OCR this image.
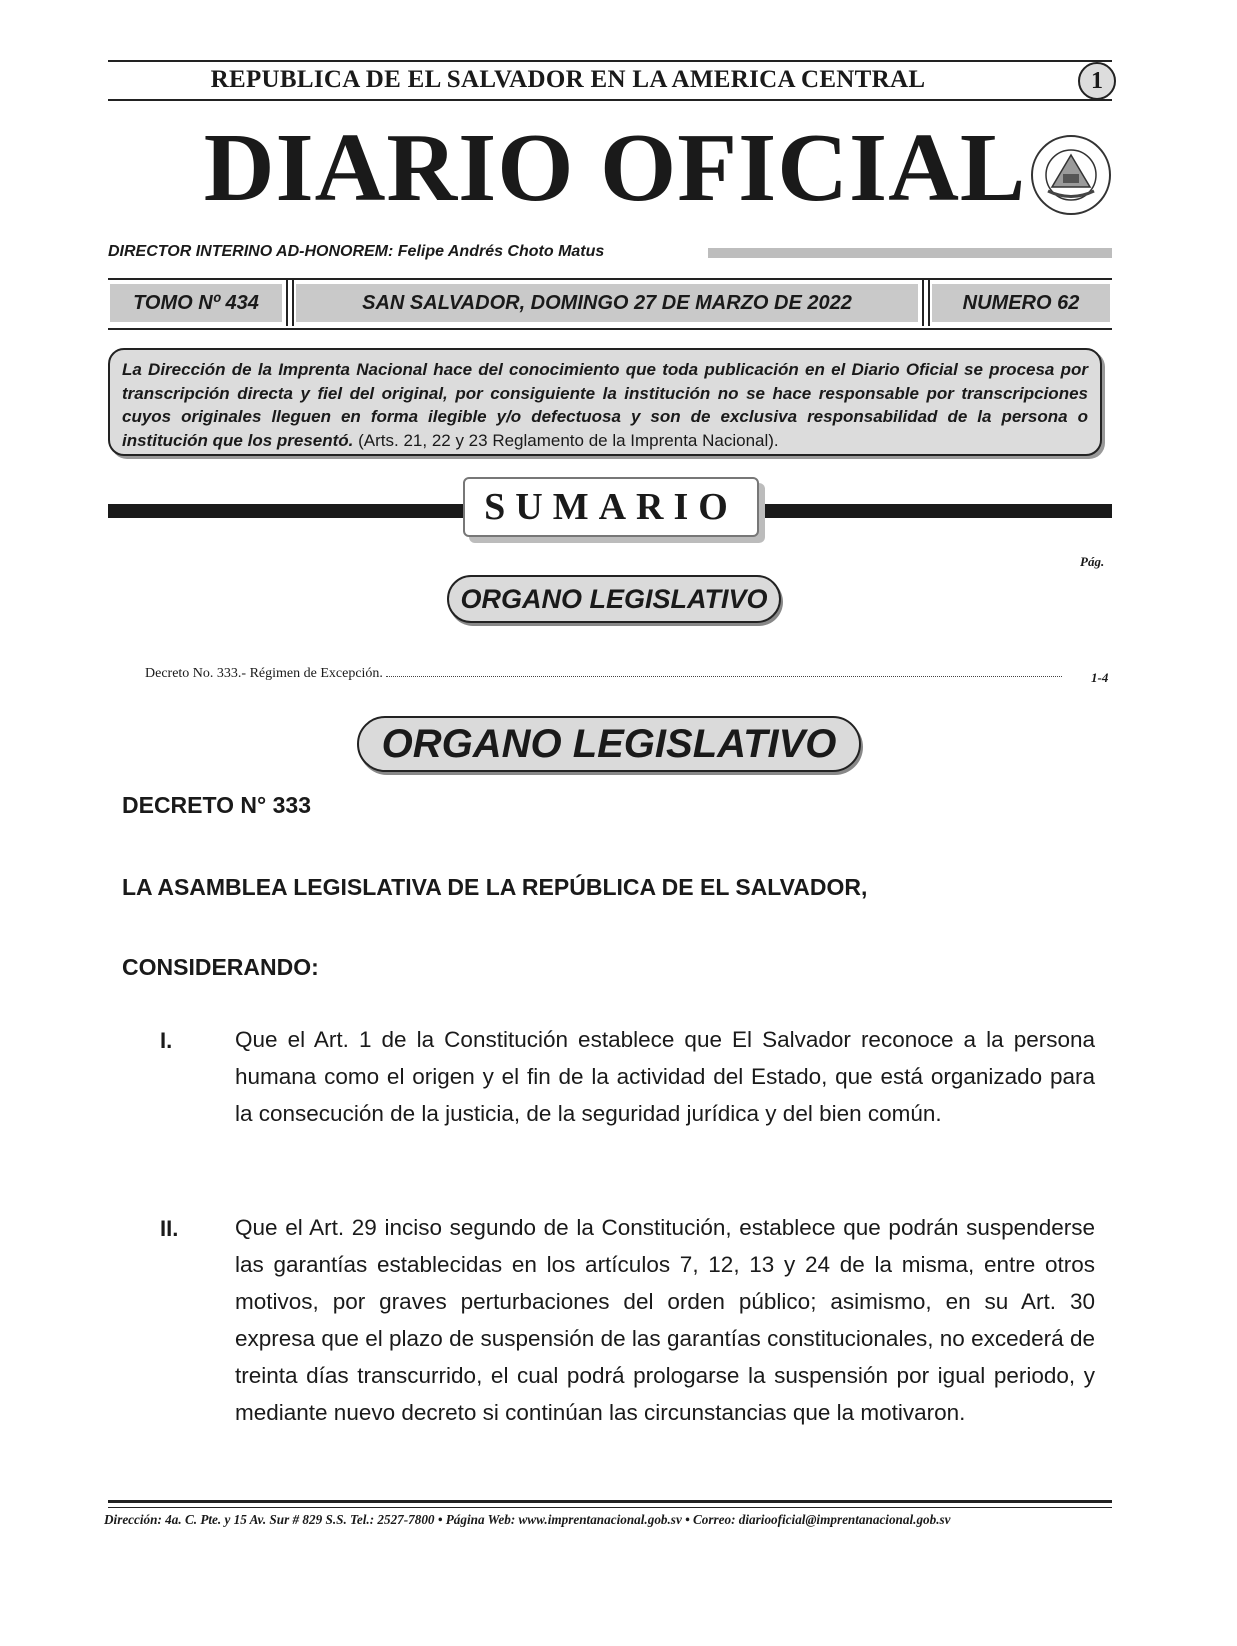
REPUBLICA DE EL SALVADOR EN LA AMERICA CENTRAL	1
DIARIO OFICIAL
DIRECTOR INTERINO AD-HONOREM: Felipe Andrés Choto Matus
TOMO Nº 434	SAN SALVADOR, DOMINGO 27 DE MARZO DE 2022	NUMERO 62
La Dirección de la Imprenta Nacional hace del conocimiento que toda publicación en el Diario Oficial se procesa por transcripción directa y fiel del original, por consiguiente la institución no se hace responsable por transcripciones cuyos originales lleguen en forma ilegible y/o defectuosa y son de exclusiva responsabilidad de la persona o institución que los presentó. (Arts. 21, 22 y 23 Reglamento de la Imprenta Nacional).
SUMARIO
Pág.
ORGANO LEGISLATIVO
Decreto No. 333.- Régimen de Excepción.	1-4
ORGANO LEGISLATIVO
DECRETO N° 333
LA ASAMBLEA LEGISLATIVA DE LA REPÚBLICA DE EL SALVADOR,
CONSIDERANDO:
I.	Que el Art. 1 de la Constitución establece que El Salvador reconoce a la persona humana como el origen y el fin de la actividad del Estado, que está organizado para la consecución de la justicia, de la seguridad jurídica y del bien común.
II.	Que el Art. 29 inciso segundo de la Constitución, establece que podrán suspenderse las garantías establecidas en los artículos 7, 12, 13 y 24 de la misma, entre otros motivos, por graves perturbaciones del orden público; asimismo, en su Art. 30 expresa que el plazo de suspensión de las garantías constitucionales, no excederá de treinta días transcurrido, el cual podrá prologarse la suspensión por igual periodo, y mediante nuevo decreto si continúan las circunstancias que la motivaron.
Dirección: 4a. C. Pte. y 15 Av. Sur # 829 S.S. Tel.: 2527-7800 • Página Web: www.imprentanacional.gob.sv • Correo: diariooficial@imprentanacional.gob.sv
